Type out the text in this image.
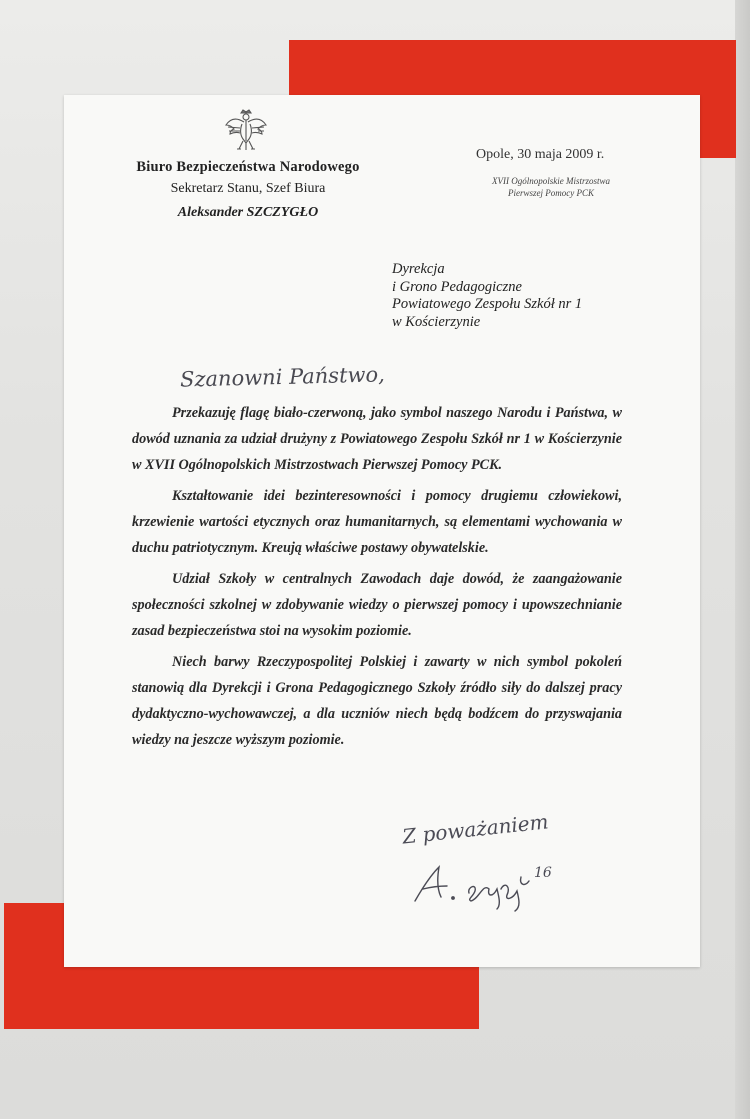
Biuro Bezpieczeństwa Narodowego
Sekretarz Stanu, Szef Biura
Aleksander SZCZYGŁO
Opole, 30 maja 2009 r.
XVII Ogólnopolskie Mistrzostwa
Pierwszej Pomocy PCK
Dyrekcja
i Grono Pedagogiczne
Powiatowego Zespołu Szkół nr 1
w Kościerzynie
Szanowni Państwo,

Przekazuję flagę biało-czerwoną, jako symbol naszego Narodu i Państwa, w dowód uznania za udział drużyny z Powiatowego Zespołu Szkół nr 1 w Kościerzynie w XVII Ogólnopolskich Mistrzostwach Pierwszej Pomocy PCK.

Kształtowanie idei bezinteresowności i pomocy drugiemu człowiekowi, krzewienie wartości etycznych oraz humanitarnych, są elementami wychowania w duchu patriotycznym. Kreują właściwe postawy obywatelskie.

Udział Szkoły w centralnych Zawodach daje dowód, że zaangażowanie społeczności szkolnej w zdobywanie wiedzy o pierwszej pomocy i upowszechnianie zasad bezpieczeństwa stoi na wysokim poziomie.

Niech barwy Rzeczypospolitej Polskiej i zawarty w nich symbol pokoleń stanowią dla Dyrekcji i Grona Pedagogicznego Szkoły źródło siły do dalszej pracy dydaktyczno-wychowawczej, a dla uczniów niech będą bodźcem do przyswajania wiedzy na jeszcze wyższym poziomie.

Z poważaniem
16
